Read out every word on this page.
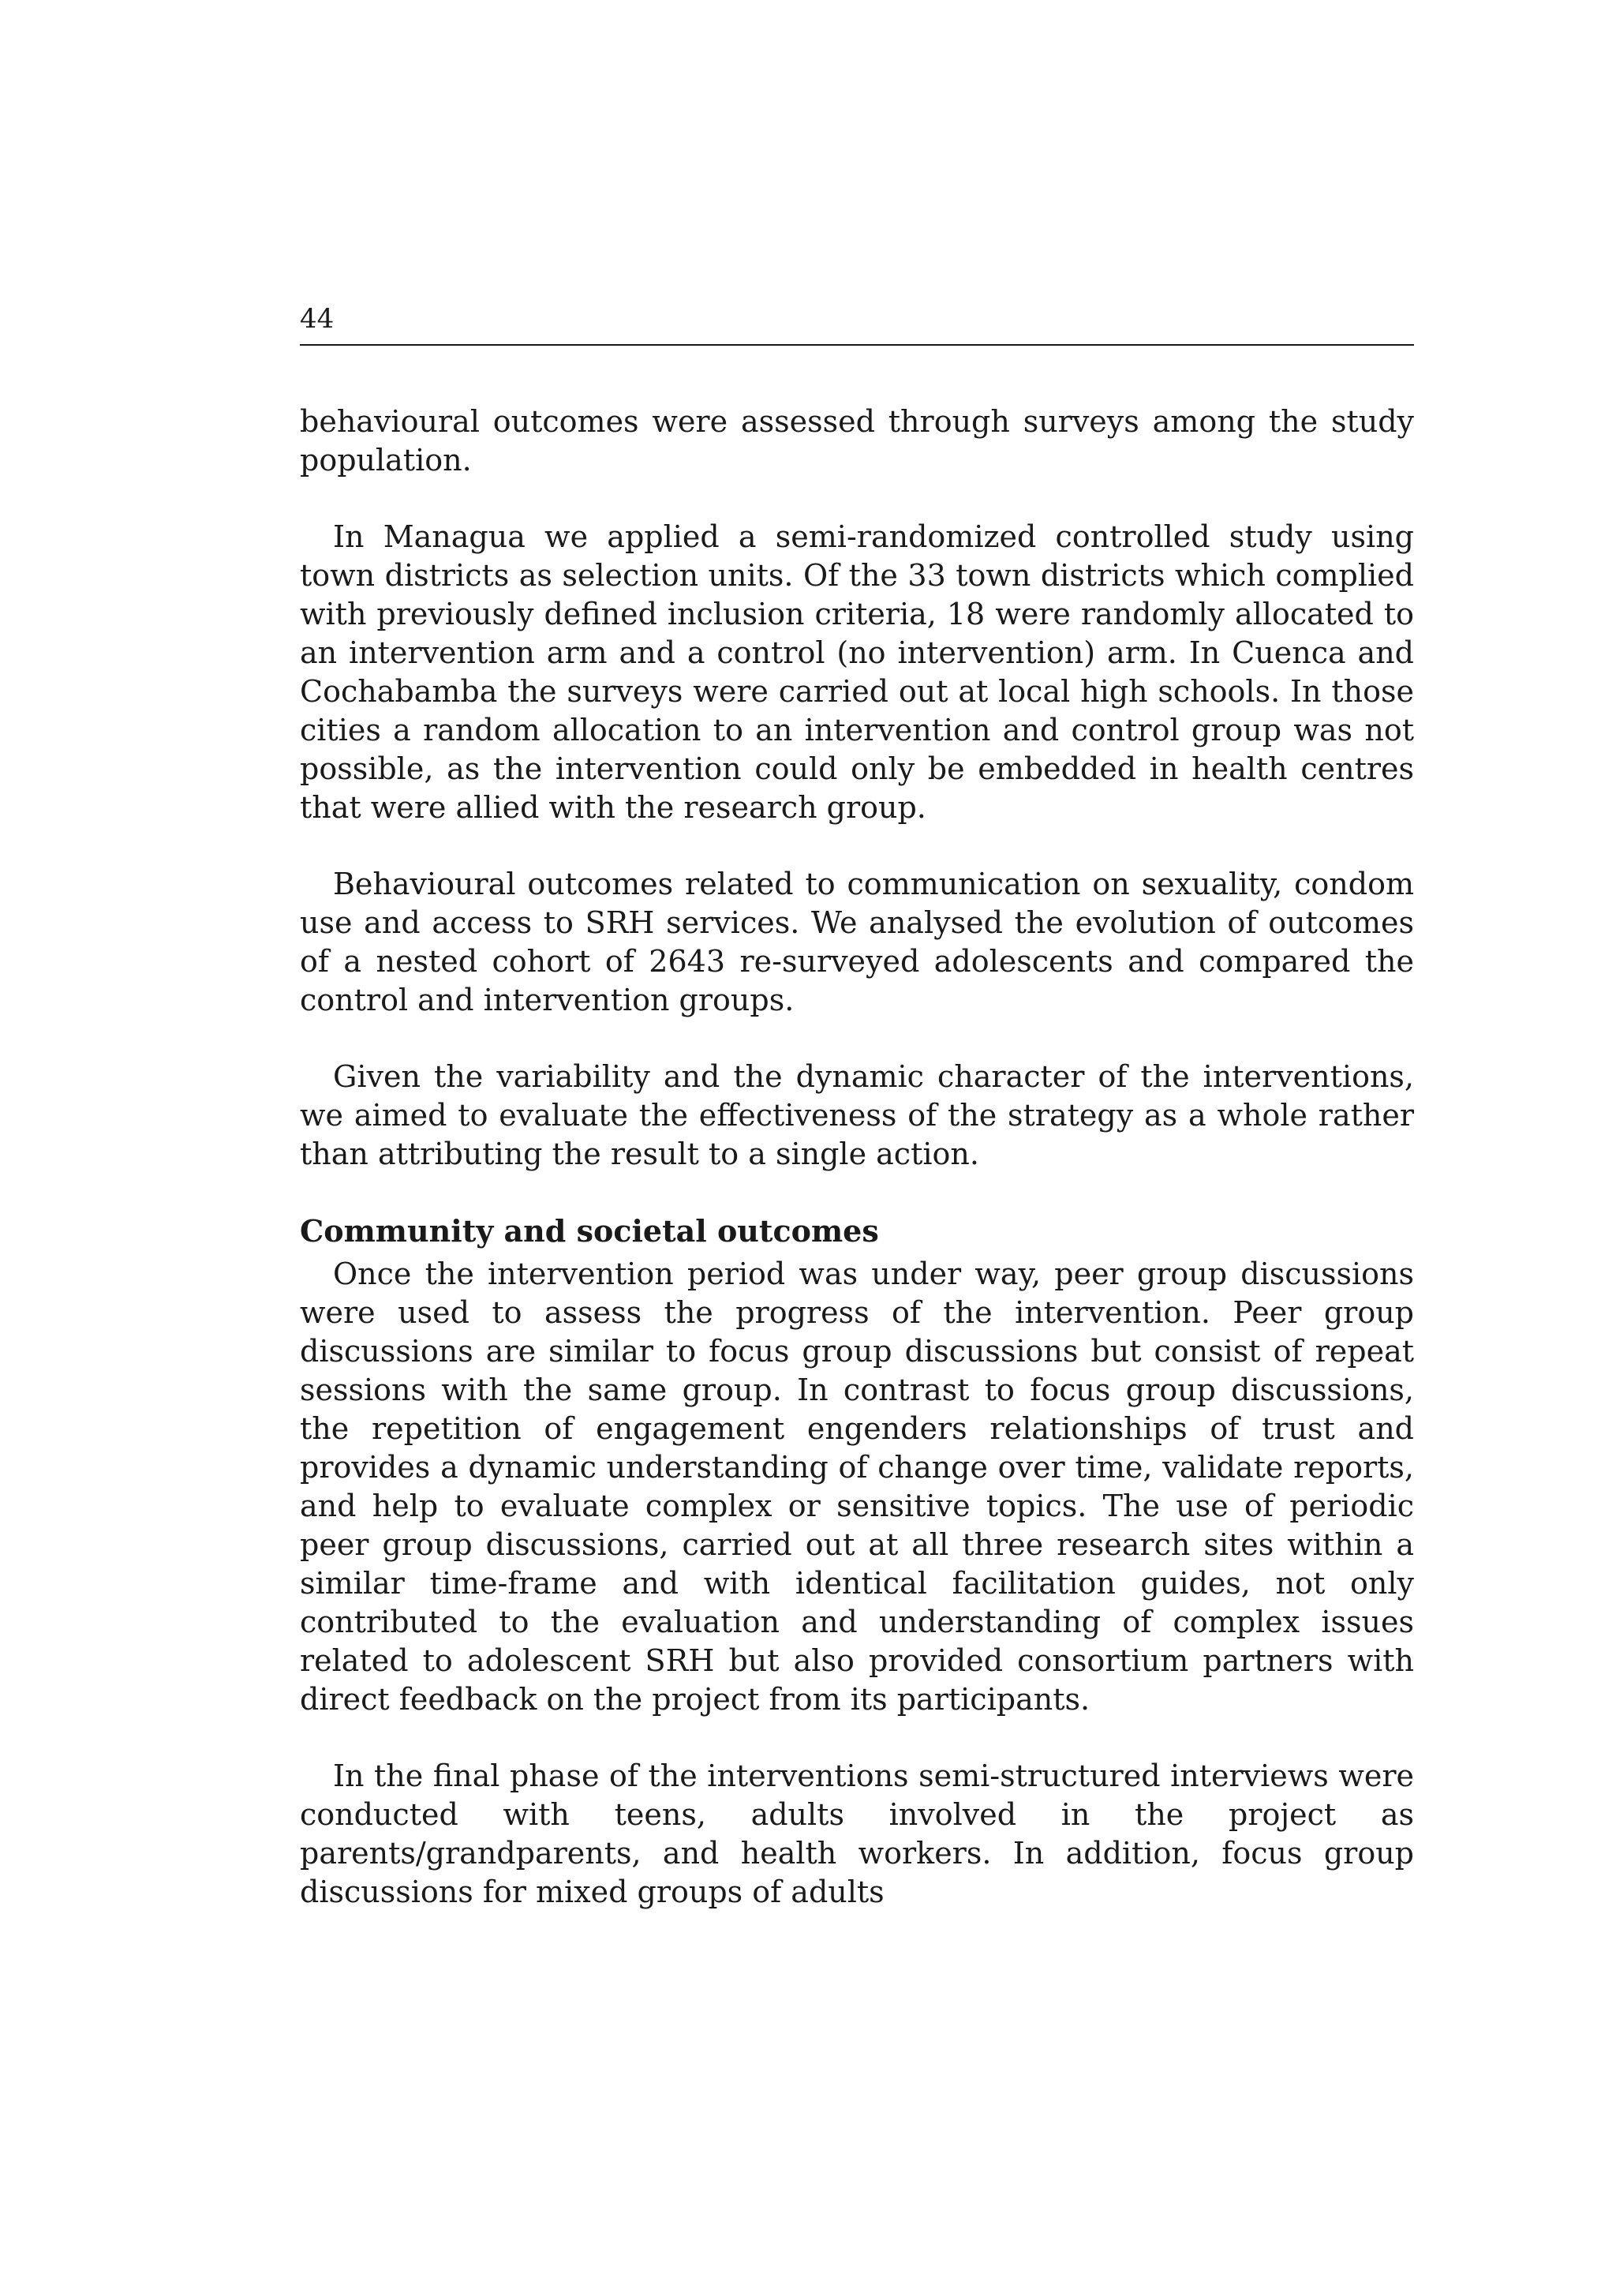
44

behavioural outcomes were assessed through surveys among the study population.

In Managua we applied a semi-randomized controlled study using town districts as selection units. Of the 33 town districts which complied with previously defined inclusion criteria, 18 were randomly allocated to an intervention arm and a control (no intervention) arm. In Cuenca and Cochabamba the surveys were carried out at local high schools. In those cities a random allocation to an intervention and control group was not possible, as the intervention could only be embedded in health centres that were allied with the research group.

Behavioural outcomes related to communication on sexuality, condom use and access to SRH services. We analysed the evolution of outcomes of a nested cohort of 2643 re-surveyed adolescents and compared the control and intervention groups.

Given the variability and the dynamic character of the interventions, we aimed to evaluate the effectiveness of the strategy as a whole rather than attributing the result to a single action.

Community and societal outcomes

Once the intervention period was under way, peer group discussions were used to assess the progress of the intervention. Peer group discussions are similar to focus group discussions but consist of repeat sessions with the same group. In contrast to focus group discussions, the repetition of engagement engenders relationships of trust and provides a dynamic understanding of change over time, validate reports, and help to evaluate complex or sensitive topics. The use of periodic peer group discussions, carried out at all three research sites within a similar time-frame and with identical facilitation guides, not only contributed to the evaluation and understanding of complex issues related to adolescent SRH but also provided consortium partners with direct feedback on the project from its participants.

In the final phase of the interventions semi-structured interviews were conducted with teens, adults involved in the project as parents/grandparents, and health workers. In addition, focus group discussions for mixed groups of adults
